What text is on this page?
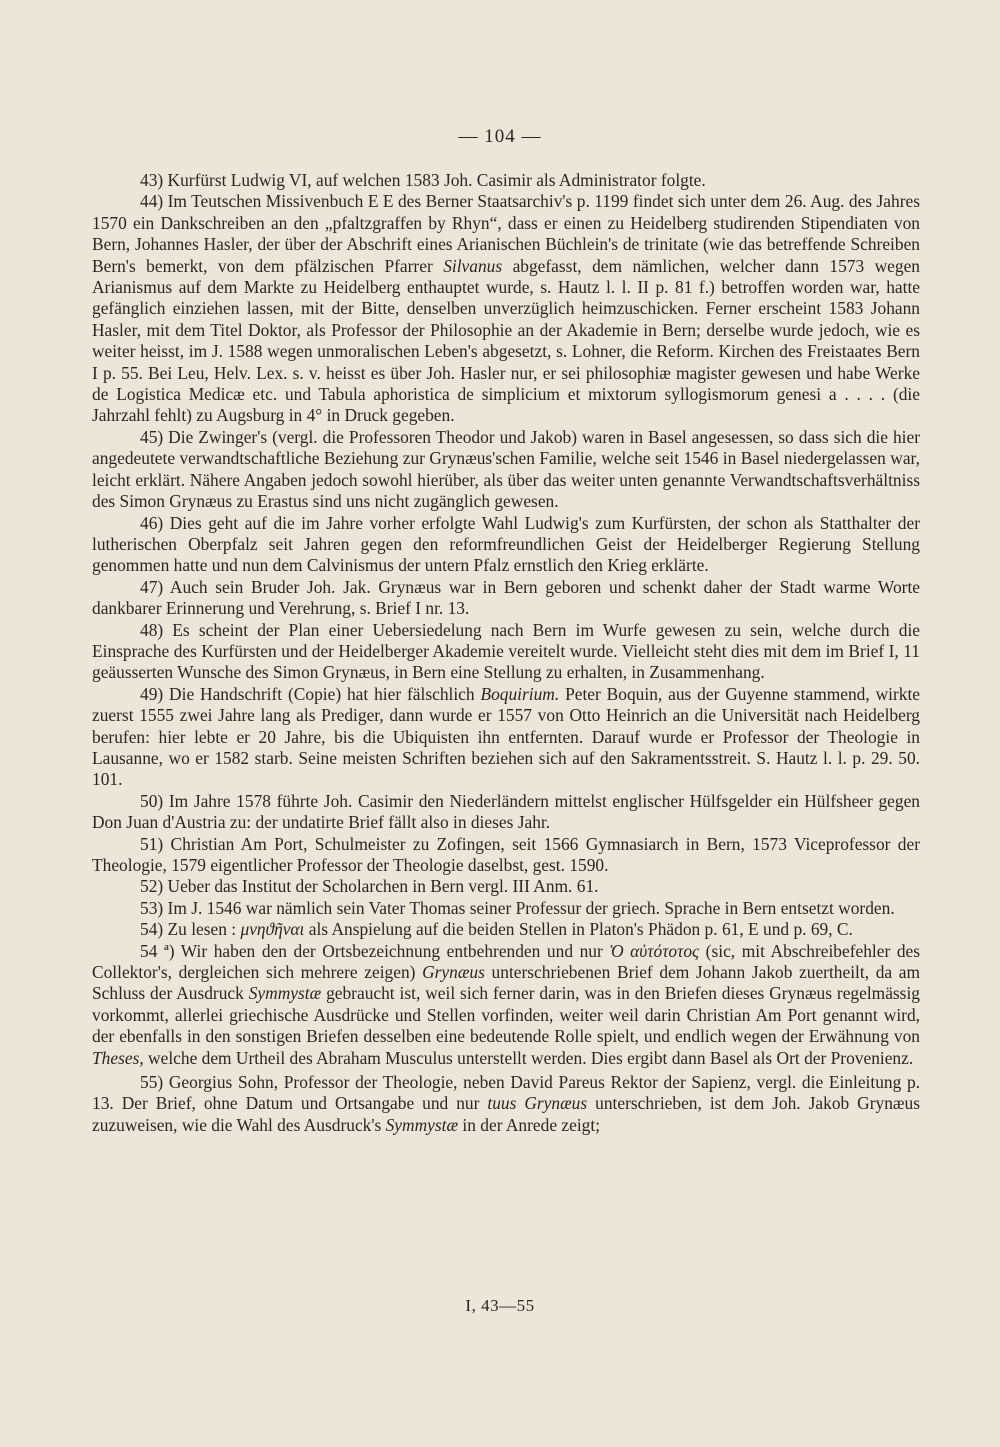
— 104 —

43) Kurfürst Ludwig VI, auf welchen 1583 Joh. Casimir als Administrator folgte.

44) Im Teutschen Missivenbuch E E des Berner Staatsarchiv's p. 1199 findet sich unter dem 26. Aug. des Jahres 1570 ein Dankschreiben an den „pfaltzgraffen by Rhyn“, dass er einen zu Heidelberg studirenden Stipendiaten von Bern, Johannes Hasler, der über der Abschrift eines Arianischen Büchlein's de trinitate (wie das betreffende Schreiben Bern's bemerkt, von dem pfälzischen Pfarrer Silvanus abgefasst, dem nämlichen, welcher dann 1573 wegen Arianismus auf dem Markte zu Heidelberg enthauptet wurde, s. Hautz l. l. II p. 81 f.) betroffen worden war, hatte gefänglich einziehen lassen, mit der Bitte, denselben unverzüglich heimzuschicken. Ferner erscheint 1583 Johann Hasler, mit dem Titel Doktor, als Professor der Philosophie an der Akademie in Bern; derselbe wurde jedoch, wie es weiter heisst, im J. 1588 wegen unmoralischen Leben's abgesetzt, s. Lohner, die Reform. Kirchen des Freistaates Bern I p. 55. Bei Leu, Helv. Lex. s. v. heisst es über Joh. Hasler nur, er sei philosophiæ magister gewesen und habe Werke de Logistica Medicæ etc. und Tabula aphoristica de simplicium et mixtorum syllogismorum genesi a . . . . (die Jahrzahl fehlt) zu Augsburg in 4° in Druck gegeben.

45) Die Zwinger's (vergl. die Professoren Theodor und Jakob) waren in Basel angesessen, so dass sich die hier angedeutete verwandtschaftliche Beziehung zur Grynæus'schen Familie, welche seit 1546 in Basel niedergelassen war, leicht erklärt. Nähere Angaben jedoch sowohl hierüber, als über das weiter unten genannte Verwandtschaftsverhältniss des Simon Grynæus zu Erastus sind uns nicht zugänglich gewesen.

46) Dies geht auf die im Jahre vorher erfolgte Wahl Ludwig's zum Kurfürsten, der schon als Statthalter der lutherischen Oberpfalz seit Jahren gegen den reformfreundlichen Geist der Heidelberger Regierung Stellung genommen hatte und nun dem Calvinismus der untern Pfalz ernstlich den Krieg erklärte.

47) Auch sein Bruder Joh. Jak. Grynæus war in Bern geboren und schenkt daher der Stadt warme Worte dankbarer Erinnerung und Verehrung, s. Brief I nr. 13.

48) Es scheint der Plan einer Uebersiedelung nach Bern im Wurfe gewesen zu sein, welche durch die Einsprache des Kurfürsten und der Heidelberger Akademie vereitelt wurde. Vielleicht steht dies mit dem im Brief I, 11 geäusserten Wunsche des Simon Grynæus, in Bern eine Stellung zu erhalten, in Zusammenhang.

49) Die Handschrift (Copie) hat hier fälschlich Boquirium. Peter Boquin, aus der Guyenne stammend, wirkte zuerst 1555 zwei Jahre lang als Prediger, dann wurde er 1557 von Otto Heinrich an die Universität nach Heidelberg berufen: hier lebte er 20 Jahre, bis die Ubiquisten ihn entfernten. Darauf wurde er Professor der Theologie in Lausanne, wo er 1582 starb. Seine meisten Schriften beziehen sich auf den Sakramentsstreit. S. Hautz l. l. p. 29. 50. 101.

50) Im Jahre 1578 führte Joh. Casimir den Niederländern mittelst englischer Hülfsgelder ein Hülfsheer gegen Don Juan d'Austria zu: der undatirte Brief fällt also in dieses Jahr.

51) Christian Am Port, Schulmeister zu Zofingen, seit 1566 Gymnasiarch in Bern, 1573 Viceprofessor der Theologie, 1579 eigentlicher Professor der Theologie daselbst, gest. 1590.

52) Ueber das Institut der Scholarchen in Bern vergl. III Anm. 61.

53) Im J. 1546 war nämlich sein Vater Thomas seiner Professur der griech. Sprache in Bern entsetzt worden.

54) Zu lesen : μνηϑῆναι als Anspielung auf die beiden Stellen in Platon's Phädon p. 61, E und p. 69, C.

54 ª) Wir haben den der Ortsbezeichnung entbehrenden und nur Ὁ αὐτότοτος (sic, mit Abschreibefehler des Collektor's, dergleichen sich mehrere zeigen) Grynæus unterschriebenen Brief dem Johann Jakob zuertheilt, da am Schluss der Ausdruck Symmystæ gebraucht ist, weil sich ferner darin, was in den Briefen dieses Grynæus regelmässig vorkommt, allerlei griechische Ausdrücke und Stellen vorfinden, weiter weil darin Christian Am Port genannt wird, der ebenfalls in den sonstigen Briefen desselben eine bedeutende Rolle spielt, und endlich wegen der Erwähnung von Theses, welche dem Urtheil des Abraham Musculus unterstellt werden. Dies ergibt dann Basel als Ort der Provenienz.

55) Georgius Sohn, Professor der Theologie, neben David Pareus Rektor der Sapienz, vergl. die Einleitung p. 13. Der Brief, ohne Datum und Ortsangabe und nur tuus Grynæus unterschrieben, ist dem Joh. Jakob Grynæus zuzuweisen, wie die Wahl des Ausdruck's Symmystæ in der Anrede zeigt;

I, 43—55
